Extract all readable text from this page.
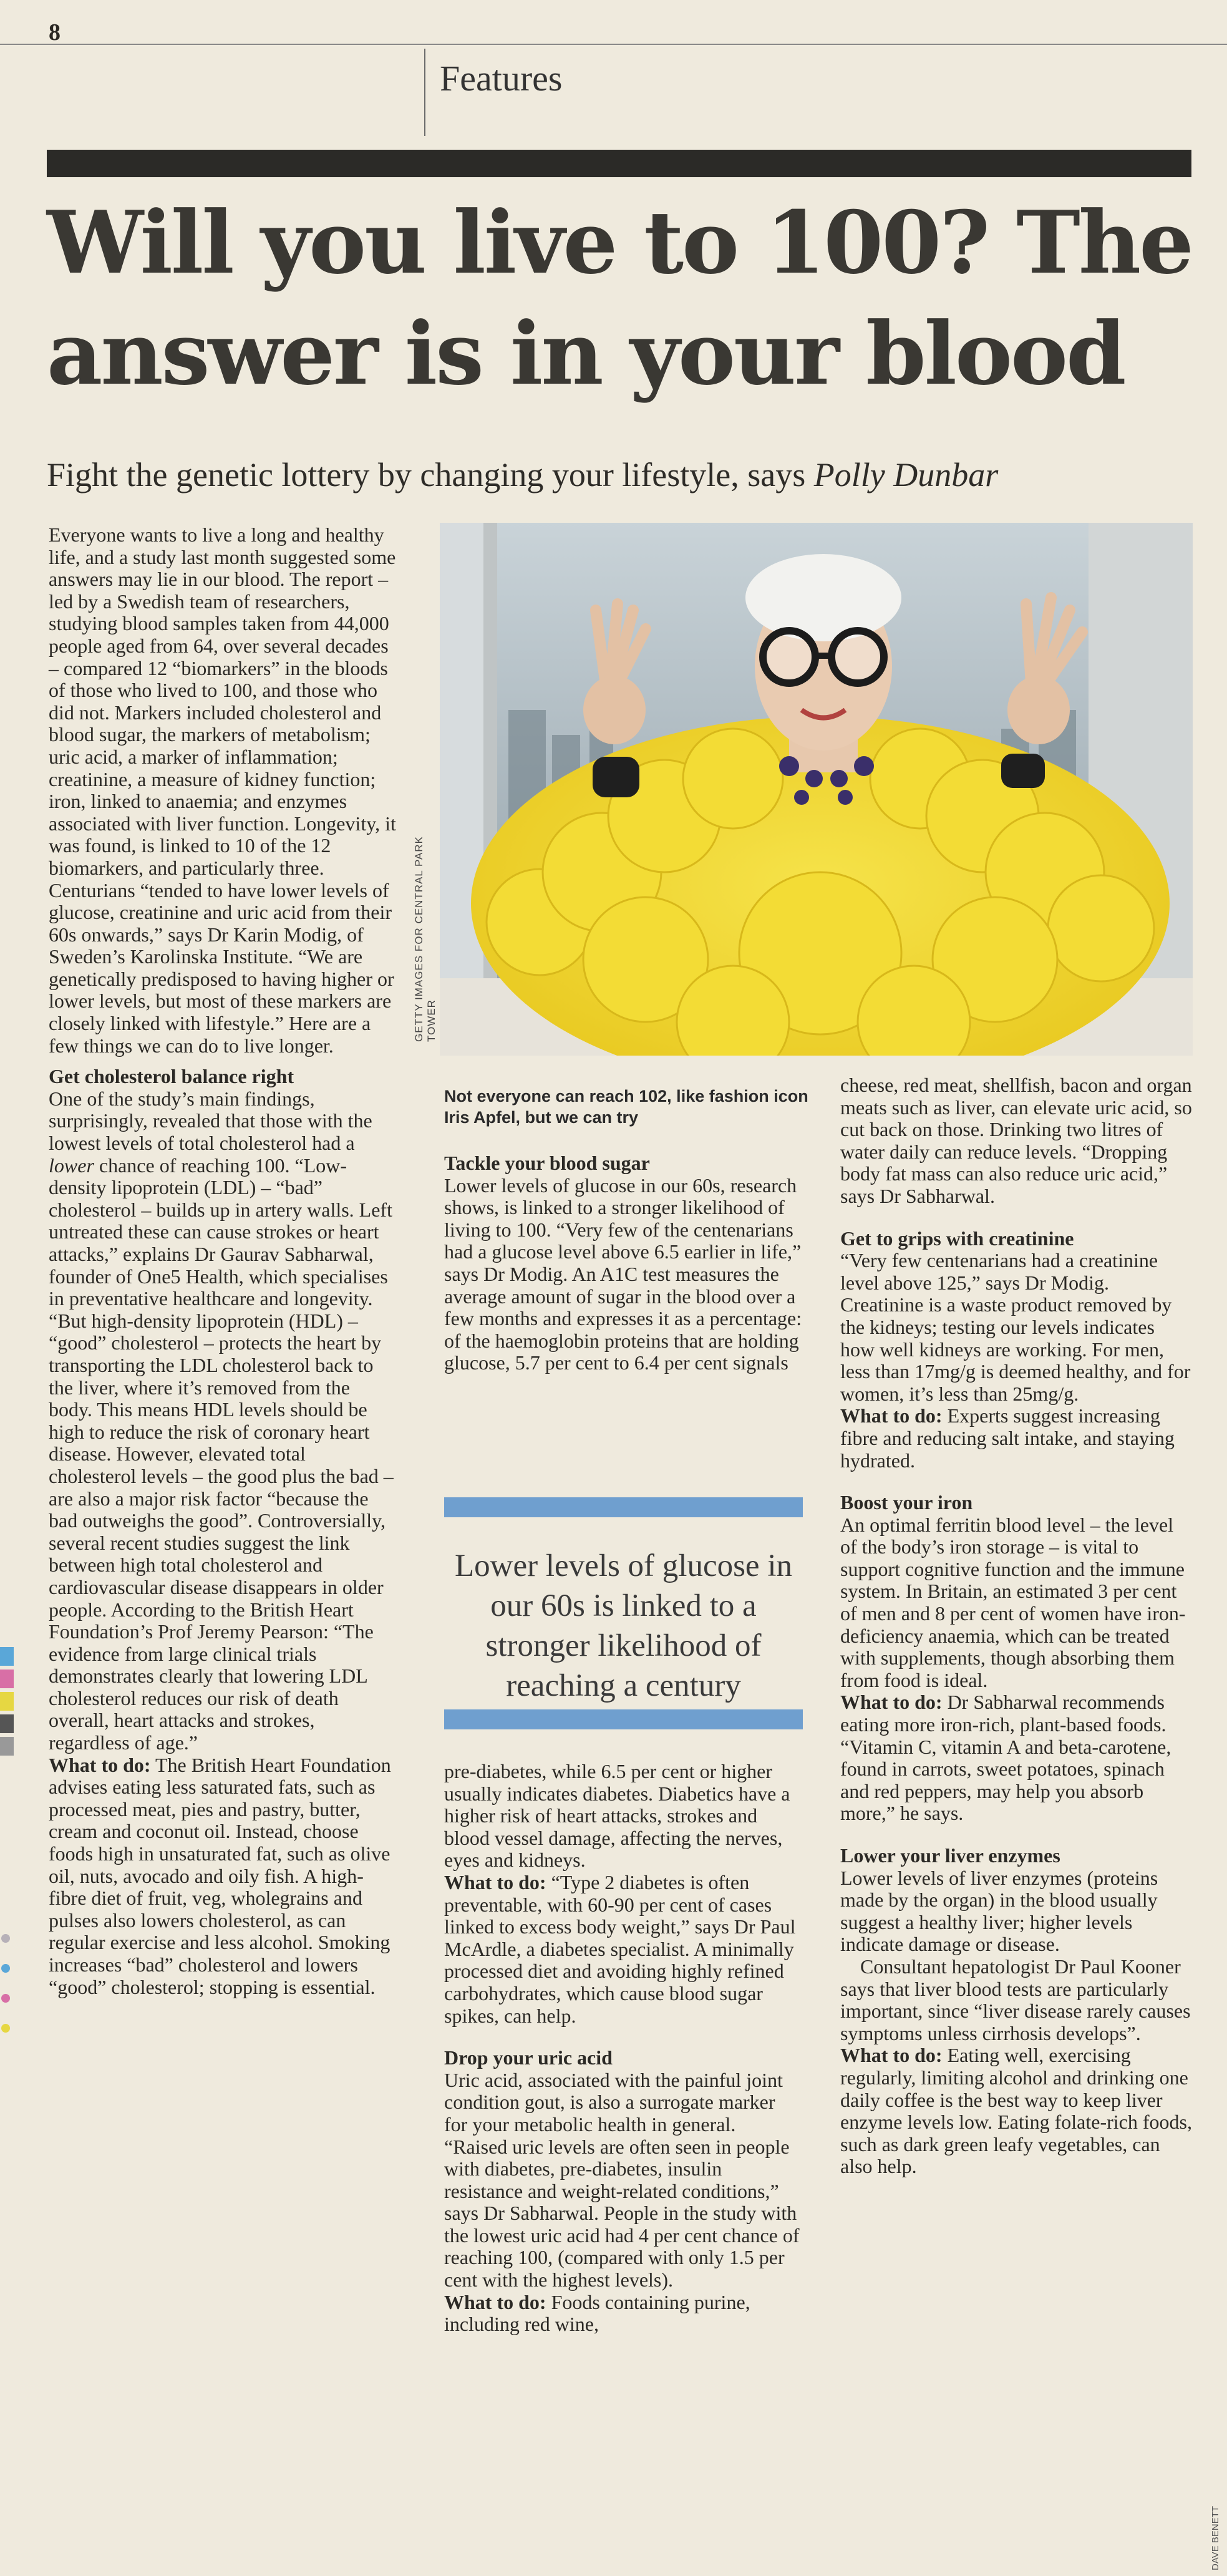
8
Features
Will you live to 100? The answer is in your blood
Fight the genetic lottery by changing your lifestyle, says Polly Dunbar

Everyone wants to live a long and healthy life, and a study last month suggested some answers may lie in our blood. The report – led by a Swedish team of researchers, studying blood samples taken from 44,000 people aged from 64, over several decades – compared 12 “biomarkers” in the bloods of those who lived to 100, and those who did not. Markers included cholesterol and blood sugar, the markers of metabolism; uric acid, a marker of inflammation; creatinine, a measure of kidney function; iron, linked to anaemia; and enzymes associated with liver function. Longevity, it was found, is linked to 10 of the 12 biomarkers, and particularly three. Centurians “tended to have lower levels of glucose, creatinine and uric acid from their 60s onwards,” says Dr Karin Modig, of Sweden’s Karolinska Institute. “We are genetically predisposed to having higher or lower levels, but most of these markers are closely linked with lifestyle.” Here are a few things we can do to live longer.

Get cholesterol balance right

One of the study’s main findings, surprisingly, revealed that those with the lowest levels of total cholesterol had a lower chance of reaching 100. “Low-density lipoprotein (LDL) – “bad” cholesterol – builds up in artery walls. Left untreated these can cause strokes or heart attacks,” explains Dr Gaurav Sabharwal, founder of One5 Health, which specialises in preventative healthcare and longevity. “But high-density lipoprotein (HDL) – “good” cholesterol – protects the heart by transporting the LDL cholesterol back to the liver, where it’s removed from the body. This means HDL levels should be high to reduce the risk of coronary heart disease. However, elevated total cholesterol levels – the good plus the bad – are also a major risk factor “because the bad outweighs the good”. Controversially, several recent studies suggest the link between high total cholesterol and cardiovascular disease disappears in older people. According to the British Heart Foundation’s Prof Jeremy Pearson: “The evidence from large clinical trials demonstrates clearly that lowering LDL cholesterol reduces our risk of death overall, heart attacks and strokes, regardless of age.”

What to do: The British Heart Foundation advises eating less saturated fats, such as processed meat, pies and pastry, butter, cream and coconut oil. Instead, choose foods high in unsaturated fat, such as olive oil, nuts, avocado and oily fish. A high-fibre diet of fruit, veg, wholegrains and pulses also lowers cholesterol, as can regular exercise and less alcohol. Smoking increases “bad” cholesterol and lowers “good” cholesterol; stopping is essential.

GETTY IMAGES FOR CENTRAL PARK TOWER
Not everyone can reach 102, like fashion icon Iris Apfel, but we can try

Tackle your blood sugar

Lower levels of glucose in our 60s, research shows, is linked to a stronger likelihood of living to 100. “Very few of the centenarians had a glucose level above 6.5 earlier in life,” says Dr Modig. An A1C test measures the average amount of sugar in the blood over a few months and expresses it as a percentage: of the haemoglobin proteins that are holding glucose, 5.7 per cent to 6.4 per cent signals

Lower levels of glucose in our 60s is linked to a stronger likelihood of reaching a century

pre-diabetes, while 6.5 per cent or higher usually indicates diabetes. Diabetics have a higher risk of heart attacks, strokes and blood vessel damage, affecting the nerves, eyes and kidneys.

What to do: “Type 2 diabetes is often preventable, with 60-90 per cent of cases linked to excess body weight,” says Dr Paul McArdle, a diabetes specialist. A minimally processed diet and avoiding highly refined carbohydrates, which cause blood sugar spikes, can help.

Drop your uric acid

Uric acid, associated with the painful joint condition gout, is also a surrogate marker for your metabolic health in general. “Raised uric levels are often seen in people with diabetes, pre-diabetes, insulin resistance and weight-related conditions,” says Dr Sabharwal. People in the study with the lowest uric acid had 4 per cent chance of reaching 100, (compared with only 1.5 per cent with the highest levels).

What to do: Foods containing purine, including red wine,

cheese, red meat, shellfish, bacon and organ meats such as liver, can elevate uric acid, so cut back on those. Drinking two litres of water daily can reduce levels. “Dropping body fat mass can also reduce uric acid,” says Dr Sabharwal.

Get to grips with creatinine

“Very few centenarians had a creatinine level above 125,” says Dr Modig. Creatinine is a waste product removed by the kidneys; testing our levels indicates how well kidneys are working. For men, less than 17mg/g is deemed healthy, and for women, it’s less than 25mg/g.

What to do: Experts suggest increasing fibre and reducing salt intake, and staying hydrated.

Boost your iron

An optimal ferritin blood level – the level of the body’s iron storage – is vital to support cognitive function and the immune system. In Britain, an estimated 3 per cent of men and 8 per cent of women have iron-deficiency anaemia, which can be treated with supplements, though absorbing them from food is ideal.

What to do: Dr Sabharwal recommends eating more iron-rich, plant-based foods. “Vitamin C, vitamin A and beta-carotene, found in carrots, sweet potatoes, spinach and red peppers, may help you absorb more,” he says.

Lower your liver enzymes

Lower levels of liver enzymes (proteins made by the organ) in the blood usually suggest a healthy liver; higher levels indicate damage or disease.

Consultant hepatologist Dr Paul Kooner says that liver blood tests are particularly important, since “liver disease rarely causes symptoms unless cirrhosis develops”.

What to do: Eating well, exercising regularly, limiting alcohol and drinking one daily coffee is the best way to keep liver enzyme levels low. Eating folate-rich foods, such as dark green leafy vegetables, can also help.

DAVE BENETT
